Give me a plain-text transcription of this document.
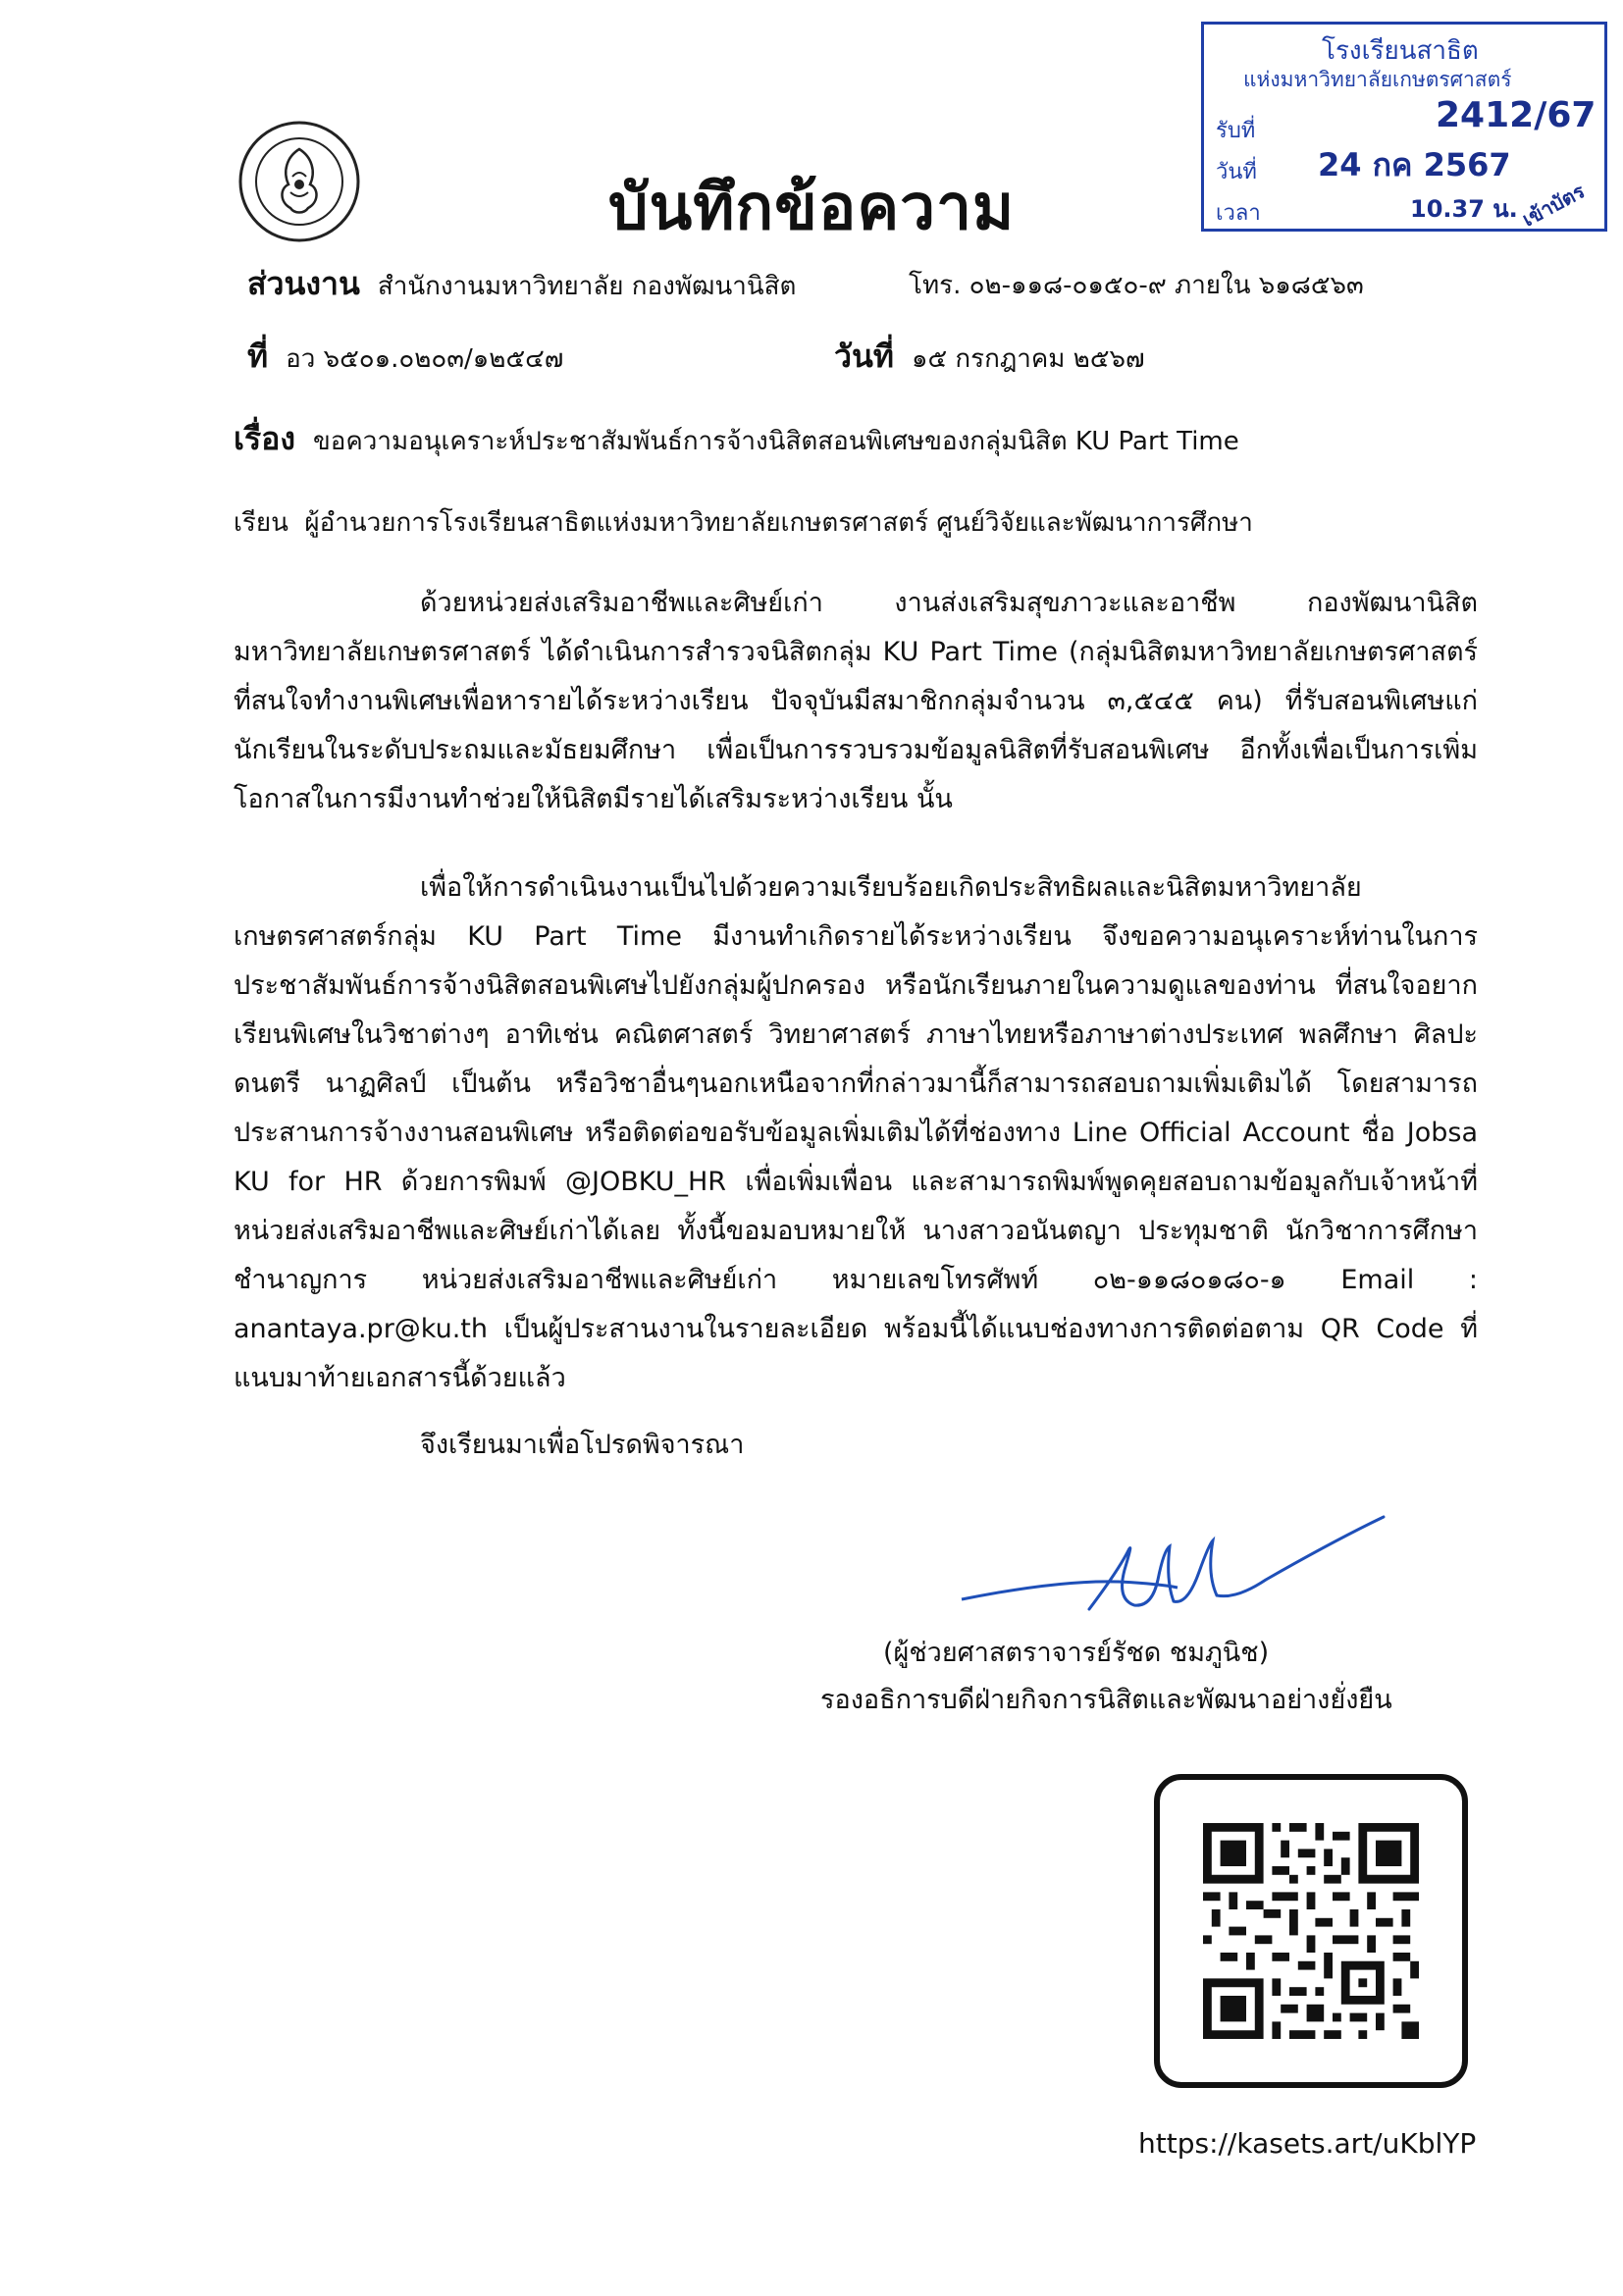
โรงเรียนสาธิต
แห่งมหาวิทยาลัยเกษตรศาสตร์
รับที่	2412/67
วันที่ 24 กค 2567
เวลา	10.37 น. เข้าบัตร
บันทึกข้อความ
ส่วนงาน สำนักงานมหาวิทยาลัย กองพัฒนานิสิต	โทร. ๐๒-๑๑๘-๐๑๕๐-๙ ภายใน ๖๑๘๕๖๓
ที่ อว ๖๕๐๑.๐๒๐๓/๑๒๕๔๗	วันที่ ๑๕ กรกฎาคม ๒๕๖๗
เรื่อง ขอความอนุเคราะห์ประชาสัมพันธ์การจ้างนิสิตสอนพิเศษของกลุ่มนิสิต KU Part Time
เรียน ผู้อำนวยการโรงเรียนสาธิตแห่งมหาวิทยาลัยเกษตรศาสตร์ ศูนย์วิจัยและพัฒนาการศึกษา
ด้วยหน่วยส่งเสริมอาชีพและศิษย์เก่า งานส่งเสริมสุขภาวะและอาชีพ กองพัฒนานิสิต มหาวิทยาลัยเกษตรศาสตร์ ได้ดำเนินการสำรวจนิสิตกลุ่ม KU Part Time (กลุ่มนิสิตมหาวิทยาลัยเกษตรศาสตร์ที่สนใจทำงานพิเศษเพื่อหารายได้ระหว่างเรียน ปัจจุบันมีสมาชิกกลุ่มจำนวน ๓,๕๔๕ คน) ที่รับสอนพิเศษแก่นักเรียนในระดับประถมและมัธยมศึกษา เพื่อเป็นการรวบรวมข้อมูลนิสิตที่รับสอนพิเศษ อีกทั้งเพื่อเป็นการเพิ่มโอกาสในการมีงานทำช่วยให้นิสิตมีรายได้เสริมระหว่างเรียน นั้น
เพื่อให้การดำเนินงานเป็นไปด้วยความเรียบร้อยเกิดประสิทธิผลและนิสิตมหาวิทยาลัยเกษตรศาสตร์กลุ่ม KU Part Time มีงานทำเกิดรายได้ระหว่างเรียน จึงขอความอนุเคราะห์ท่านในการประชาสัมพันธ์การจ้างนิสิตสอนพิเศษไปยังกลุ่มผู้ปกครอง หรือนักเรียนภายในความดูแลของท่าน ที่สนใจอยากเรียนพิเศษในวิชาต่างๆ อาทิเช่น คณิตศาสตร์ วิทยาศาสตร์ ภาษาไทยหรือภาษาต่างประเทศ พลศึกษา ศิลปะ ดนตรี นาฏศิลป์ เป็นต้น หรือวิชาอื่นๆนอกเหนือจากที่กล่าวมานี้ก็สามารถสอบถามเพิ่มเติมได้ โดยสามารถประสานการจ้างงานสอนพิเศษ หรือติดต่อขอรับข้อมูลเพิ่มเติมได้ที่ช่องทาง Line Official Account ชื่อ Jobsa KU for HR ด้วยการพิมพ์ @JOBKU_HR เพื่อเพิ่มเพื่อน และสามารถพิมพ์พูดคุยสอบถามข้อมูลกับเจ้าหน้าที่หน่วยส่งเสริมอาชีพและศิษย์เก่าได้เลย ทั้งนี้ขอมอบหมายให้ นางสาวอนันตญา ประทุมชาติ นักวิชาการศึกษาชำนาญการ หน่วยส่งเสริมอาชีพและศิษย์เก่า หมายเลขโทรศัพท์ ๐๒-๑๑๘๐๑๘๐-๑ Email : anantaya.pr@ku.th เป็นผู้ประสานงานในรายละเอียด พร้อมนี้ได้แนบช่องทางการติดต่อตาม QR Code ที่แนบมาท้ายเอกสารนี้ด้วยแล้ว
จึงเรียนมาเพื่อโปรดพิจารณา
(ผู้ช่วยศาสตราจารย์รัชด ชมภูนิช)
รองอธิการบดีฝ่ายกิจการนิสิตและพัฒนาอย่างยั่งยืน
https://kasets.art/uKblYP
